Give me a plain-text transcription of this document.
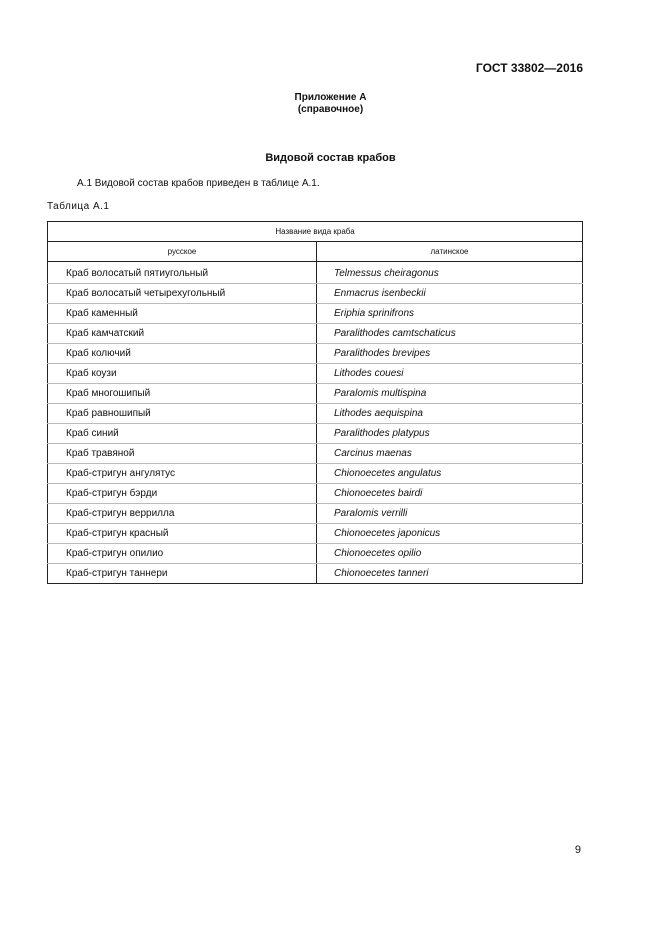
ГОСТ 33802—2016
Приложение А
(справочное)
Видовой состав крабов
А.1 Видовой состав крабов приведен в таблице А.1.
Таблица А.1
Название вида краба	
русское	латинское
Краб волосатый пятиугольный	Telmessus cheiragonus
Краб волосатый четырехугольный	Enmacrus isenbeckii
Краб каменный	Eriphia sprinifrons
Краб камчатский	Paralithodes camtschaticus
Краб колючий	Paralithodes brevipes
Краб коузи	Lithodes couesi
Краб многошипый	Paralomis multispina
Краб равношипый	Lithodes aequispina
Краб синий	Paralithodes platypus
Краб травяной	Carcinus maenas
Краб-стригун ангулятус	Chionoecetes angulatus
Краб-стригун бэрди	Chionoecetes bairdi
Краб-стригун веррилла	Paralomis verrilli
Краб-стригун красный	Chionoecetes japonicus
Краб-стригун опилио	Chionoecetes opilio
Краб-стригун таннери	Chionoecetes tanneri
9
